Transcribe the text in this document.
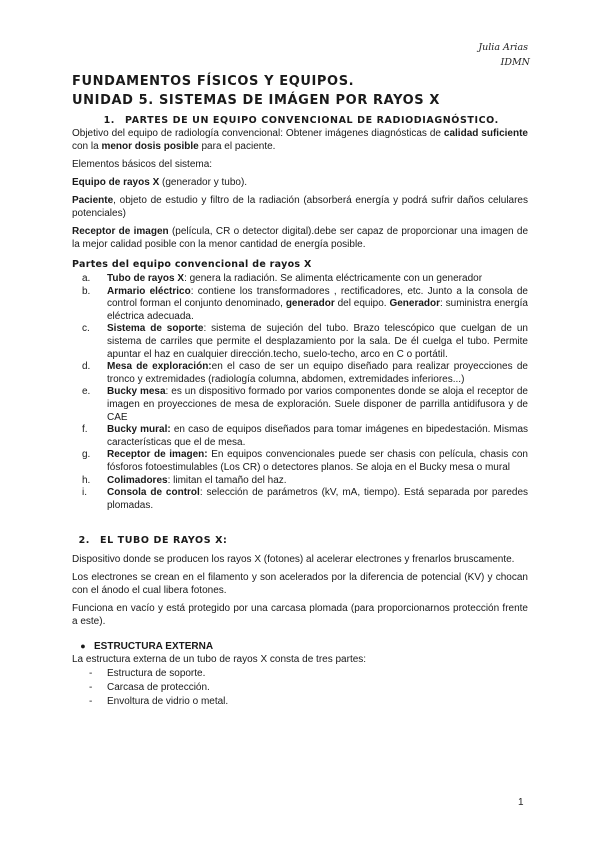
Julia Arias
IDMN
FUNDAMENTOS FÍSICOS Y EQUIPOS.
UNIDAD 5. SISTEMAS DE IMÁGEN POR RAYOS X
1.	PARTES DE UN EQUIPO CONVENCIONAL DE RADIODIAGNÓSTICO.

Objetivo del equipo de radiología convencional: Obtener imágenes diagnósticas de calidad suficiente con la menor dosis posible para el paciente.

Elementos básicos del sistema:

Equipo de rayos X (generador y tubo).

Paciente, objeto de estudio y filtro de la radiación (absorberá energía y podrá sufrir daños celulares potenciales)

Receptor de imagen (película, CR o detector digital).debe ser capaz de proporcionar una imagen de la mejor calidad posible con la menor cantidad de energía posible.

Partes del equipo convencional de rayos X
a. Tubo de rayos X: genera la radiación. Se alimenta eléctricamente con un generador
b. Armario eléctrico: contiene los transformadores , rectificadores, etc. Junto a la consola de control forman el conjunto denominado, generador del equipo. Generador: suministra energía eléctrica adecuada.
c. Sistema de soporte: sistema de sujeción del tubo. Brazo telescópico que cuelgan de un sistema de carriles que permite el desplazamiento por la sala. De él cuelga el tubo. Permite apuntar el haz en cualquier dirección.techo, suelo-techo, arco en C o portátil.
d. Mesa de exploración:en el caso de ser un equipo diseñado para realizar proyecciones de tronco y extremidades (radiología columna, abdomen, extremidades inferiores...)
e. Bucky mesa: es un dispositivo formado por varios componentes donde se aloja el receptor de imagen en proyecciones de mesa de exploración. Suele disponer de parrilla antidifusora y de CAE
f. Bucky mural: en caso de equipos diseñados para tomar imágenes en bipedestación. Mismas características que el de mesa.
g. Receptor de imagen: En equipos convencionales puede ser chasis con película, chasis con fósforos fotoestimulables (Los CR) o detectores planos. Se aloja en el Bucky mesa o mural
h. Colimadores: limitan el tamaño del haz.
i. Consola de control: selección de parámetros (kV, mA, tiempo). Está separada por paredes plomadas.
2.	EL TUBO DE RAYOS X:

Dispositivo donde se producen los rayos X (fotones) al acelerar electrones y frenarlos bruscamente.

Los electrones se crean en el filamento y son acelerados por la diferencia de potencial (KV) y chocan con el ánodo el cual libera fotones.

Funciona en vacío y está protegido por una carcasa plomada (para proporcionarnos protección frente a este).

● ESTRUCTURA EXTERNA

La estructura externa de un tubo de rayos X consta de tres partes:

- Estructura de soporte.
- Carcasa de protección.
- Envoltura de vidrio o metal.
1
